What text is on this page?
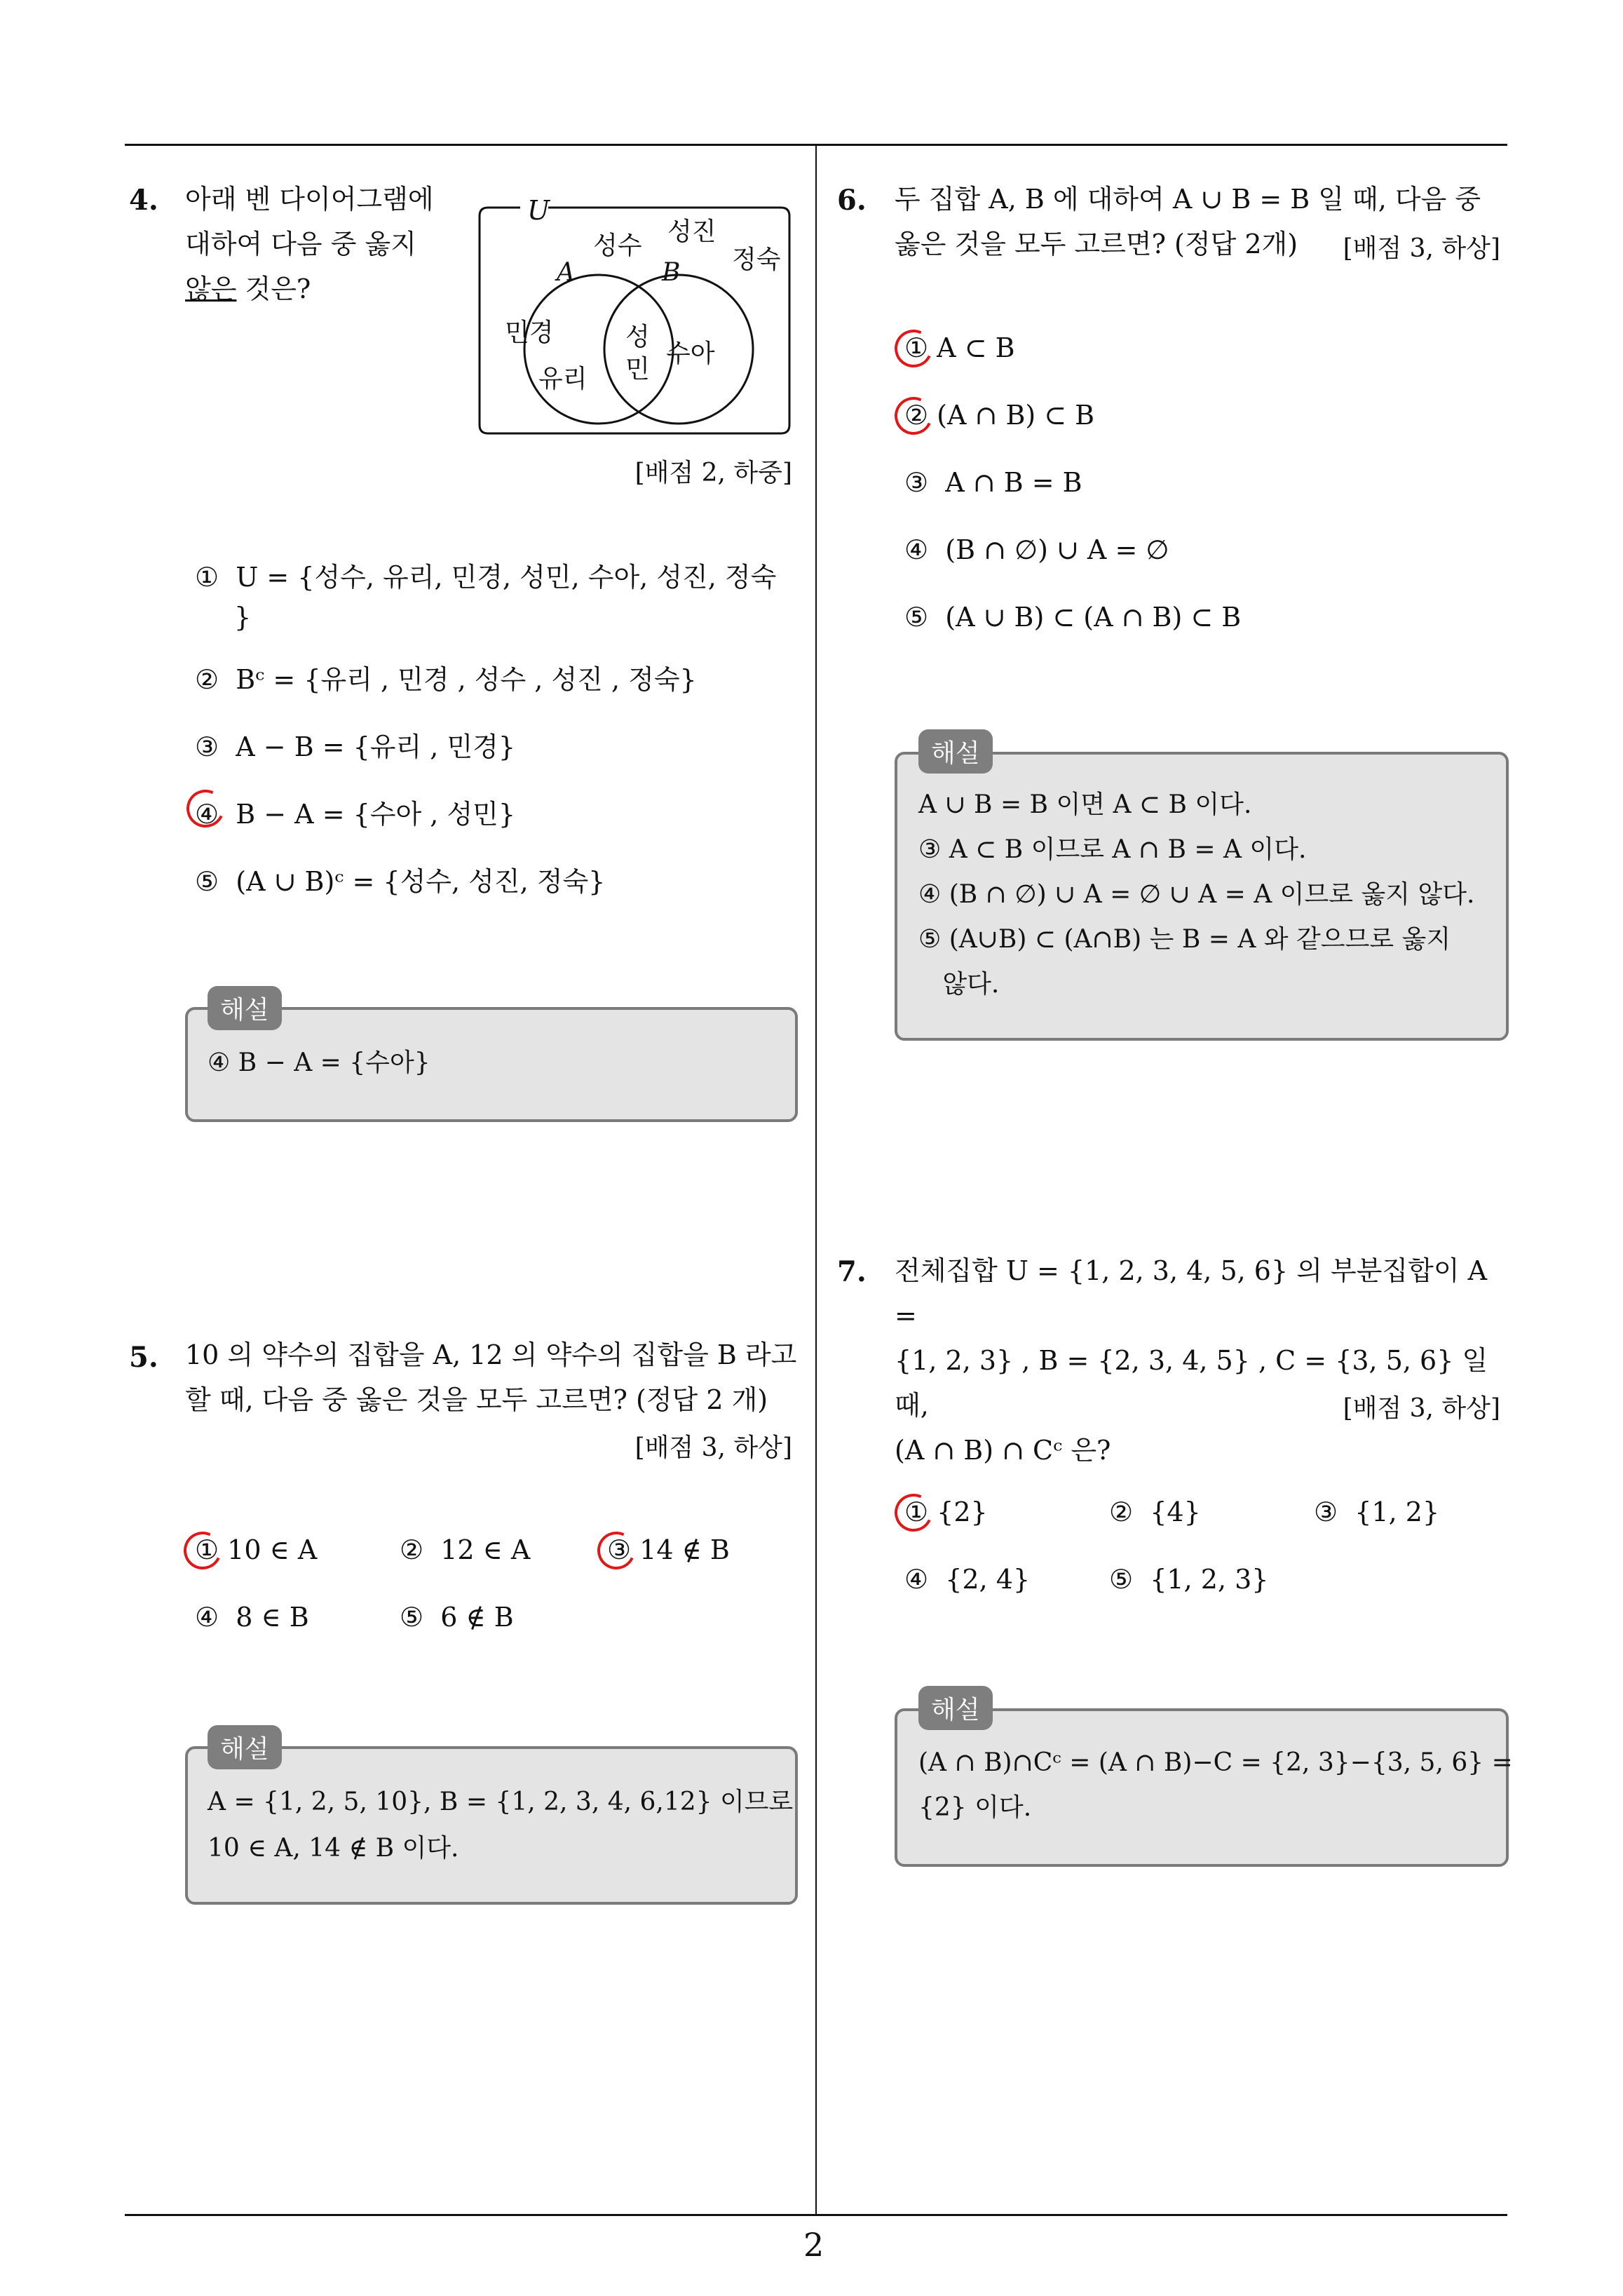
4. 아래 벤 다이어그램에
대하여 다음 중 옳지
않은 것은?
U
A	B
성수 성진
정숙
민경
유리
성
민
수아
[배점 2, 하중]
① U = {성수, 유리, 민경, 성민, 수아, 성진, 정숙
}
② Bᶜ = {유리 , 민경 , 성수 , 성진 , 정숙}
③ A − B = {유리 , 민경}
④ B − A = {수아 , 성민}
⑤ (A ∪ B)ᶜ = {성수, 성진, 정숙}
해설
④ B − A = {수아}
5. 10 의 약수의 집합을 A, 12 의 약수의 집합을 B 라고
할 때, 다음 중 옳은 것을 모두 고르면? (정답 2 개)
[배점 3, 하상]
① 10 ∈ A	② 12 ∈ A	③ 14 ∉ B
④ 8 ∈ B	⑤ 6 ∉ B
해설
A = {1, 2, 5, 10}, B = {1, 2, 3, 4, 6,12} 이므로
10 ∈ A, 14 ∉ B 이다.
6. 두 집합 A, B 에 대하여 A ∪ B = B 일 때, 다음 중
옳은 것을 모두 고르면? (정답 2개)	[배점 3, 하상]
① A ⊂ B
② (A ∩ B) ⊂ B
③ A ∩ B = B
④ (B ∩ ∅) ∪ A = ∅
⑤ (A ∪ B) ⊂ (A ∩ B) ⊂ B
해설
A ∪ B = B 이면 A ⊂ B 이다.
③ A ⊂ B 이므로 A ∩ B = A 이다.
④ (B ∩ ∅) ∪ A = ∅ ∪ A = A 이므로 옳지 않다.
⑤ (A∪B) ⊂ (A∩B) 는 B = A 와 같으므로 옳지
않다.
7. 전체집합 U = {1, 2, 3, 4, 5, 6} 의 부분집합이 A =
{1, 2, 3} , B = {2, 3, 4, 5} , C = {3, 5, 6} 일 때,
(A ∩ B) ∩ Cᶜ 은?
[배점 3, 하상]
① {2}	② {4}	③ {1, 2}
④ {2, 4}	⑤ {1, 2, 3}
해설
(A ∩ B)∩Cᶜ = (A ∩ B)−C = {2, 3}−{3, 5, 6} =
{2} 이다.
2
